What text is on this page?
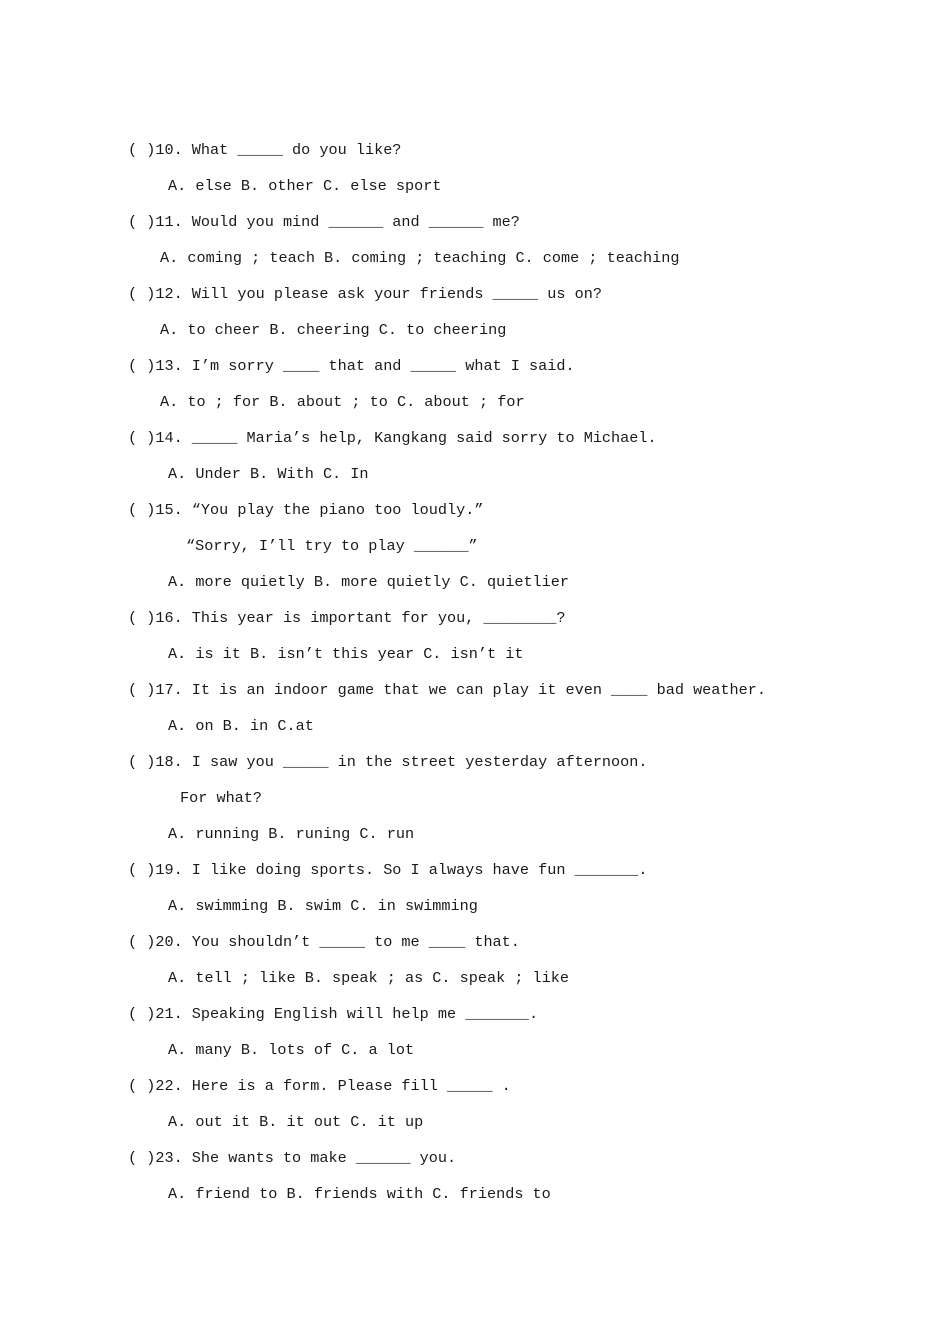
( )10. What _____ do you like?
A. else B. other C. else sport
( )11. Would you mind ______ and ______ me?
A. coming ; teach B. coming ; teaching C. come ; teaching
( )12. Will you please ask your friends _____ us on?
A. to cheer B. cheering C. to cheering
( )13. I’m sorry ____ that and _____ what I said.
A. to ; for B. about ; to C. about ; for
( )14. _____ Maria’s help, Kangkang said sorry to Michael.
A. Under B. With C. In
( )15. “You play the piano too loudly.”
“Sorry, I’ll try to play ______”
A. more quietly B. more quietly C. quietlier
( )16. This year is important for you, ________?
A. is it B. isn’t this year C. isn’t it
( )17. It is an indoor game that we can play it even ____ bad weather.
A. on B. in C.at
( )18. I saw you _____ in the street yesterday afternoon.
For what?
A. running B. runing C. run
( )19. I like doing sports. So I always have fun _______.
A. swimming B. swim C. in swimming
( )20. You shouldn’t _____ to me ____ that.
A. tell ; like B. speak ; as C. speak ; like
( )21. Speaking English will help me _______.
A. many B. lots of C. a lot
( )22. Here is a form. Please fill _____ .
A. out it B. it out C. it up
( )23. She wants to make ______ you.
A. friend to B. friends with C. friends to
